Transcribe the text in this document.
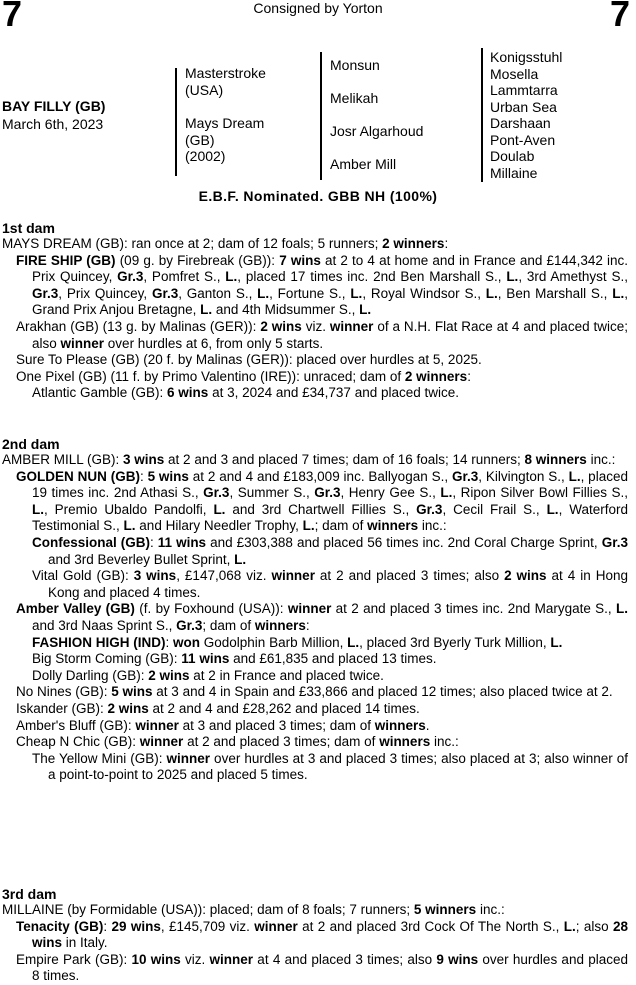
7	7
Consigned by Yorton
BAY FILLY (GB)
March 6th, 2023
Masterstroke
(USA)
Mays Dream
(GB)
(2002)
Monsun
Melikah
Josr Algarhoud
Amber Mill
Konigsstuhl
Mosella
Lammtarra
Urban Sea
Darshaan
Pont-Aven
Doulab
Millaine
E.B.F. Nominated. GBB NH (100%)
1st dam
MAYS DREAM (GB): ran once at 2; dam of 12 foals; 5 runners; 2 winners:
FIRE SHIP (GB) (09 g. by Firebreak (GB)): 7 wins at 2 to 4 at home and in France and £144,342 inc. Prix Quincey, Gr.3, Pomfret S., L., placed 17 times inc. 2nd Ben Marshall S., L., 3rd Amethyst S., Gr.3, Prix Quincey, Gr.3, Ganton S., L., Fortune S., L., Royal Windsor S., L., Ben Marshall S., L., Grand Prix Anjou Bretagne, L. and 4th Midsummer S., L.
Arakhan (GB) (13 g. by Malinas (GER)): 2 wins viz. winner of a N.H. Flat Race at 4 and placed twice; also winner over hurdles at 6, from only 5 starts.
Sure To Please (GB) (20 f. by Malinas (GER)): placed over hurdles at 5, 2025.
One Pixel (GB) (11 f. by Primo Valentino (IRE)): unraced; dam of 2 winners:
Atlantic Gamble (GB): 6 wins at 3, 2024 and £34,737 and placed twice.
2nd dam
AMBER MILL (GB): 3 wins at 2 and 3 and placed 7 times; dam of 16 foals; 14 runners; 8 winners inc.:
GOLDEN NUN (GB): 5 wins at 2 and 4 and £183,009 inc. Ballyogan S., Gr.3, Kilvington S., L., placed 19 times inc. 2nd Athasi S., Gr.3, Summer S., Gr.3, Henry Gee S., L., Ripon Silver Bowl Fillies S., L., Premio Ubaldo Pandolfi, L. and 3rd Chartwell Fillies S., Gr.3, Cecil Frail S., L., Waterford Testimonial S., L. and Hilary Needler Trophy, L.; dam of winners inc.:
Confessional (GB): 11 wins and £303,388 and placed 56 times inc. 2nd Coral Charge Sprint, Gr.3 and 3rd Beverley Bullet Sprint, L.
Vital Gold (GB): 3 wins, £147,068 viz. winner at 2 and placed 3 times; also 2 wins at 4 in Hong Kong and placed 4 times.
Amber Valley (GB) (f. by Foxhound (USA)): winner at 2 and placed 3 times inc. 2nd Marygate S., L. and 3rd Naas Sprint S., Gr.3; dam of winners:
FASHION HIGH (IND): won Godolphin Barb Million, L., placed 3rd Byerly Turk Million, L.
Big Storm Coming (GB): 11 wins and £61,835 and placed 13 times.
Dolly Darling (GB): 2 wins at 2 in France and placed twice.
No Nines (GB): 5 wins at 3 and 4 in Spain and £33,866 and placed 12 times; also placed twice at 2.
Iskander (GB): 2 wins at 2 and 4 and £28,262 and placed 14 times.
Amber's Bluff (GB): winner at 3 and placed 3 times; dam of winners.
Cheap N Chic (GB): winner at 2 and placed 3 times; dam of winners inc.:
The Yellow Mini (GB): winner over hurdles at 3 and placed 3 times; also placed at 3; also winner of a point-to-point to 2025 and placed 5 times.
3rd dam
MILLAINE (by Formidable (USA)): placed; dam of 8 foals; 7 runners; 5 winners inc.:
Tenacity (GB): 29 wins, £145,709 viz. winner at 2 and placed 3rd Cock Of The North S., L.; also 28 wins in Italy.
Empire Park (GB): 10 wins viz. winner at 4 and placed 3 times; also 9 wins over hurdles and placed 8 times.
